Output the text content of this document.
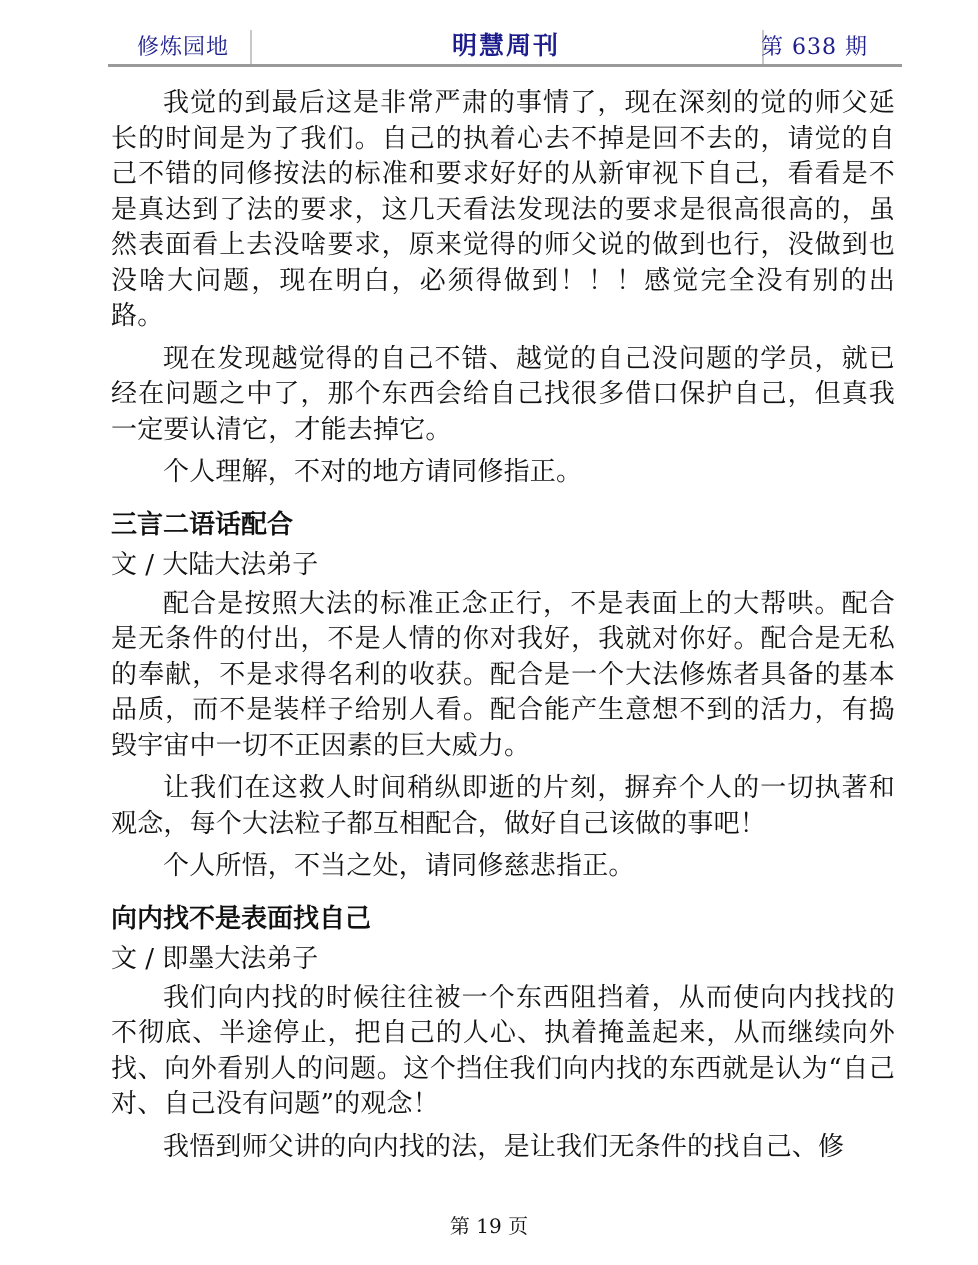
修炼园地	明慧周刊	第 638 期

我觉的到最后这是非常严肃的事情了，现在深刻的觉的师父延长的时间是为了我们。自己的执着心去不掉是回不去的，请觉的自己不错的同修按法的标准和要求好好的从新审视下自己，看看是不是真达到了法的要求，这几天看法发现法的要求是很高很高的，虽然表面看上去没啥要求，原来觉得的师父说的做到也行，没做到也没啥大问题，现在明白，必须得做到！！！感觉完全没有别的出路。

现在发现越觉得的自己不错、越觉的自己没问题的学员，就已经在问题之中了，那个东西会给自己找很多借口保护自己，但真我一定要认清它，才能去掉它。

个人理解，不对的地方请同修指正。

三言二语话配合
文 / 大陆大法弟子

配合是按照大法的标准正念正行，不是表面上的大帮哄。配合是无条件的付出，不是人情的你对我好，我就对你好。配合是无私的奉献，不是求得名利的收获。配合是一个大法修炼者具备的基本品质，而不是装样子给别人看。配合能产生意想不到的活力，有捣毁宇宙中一切不正因素的巨大威力。

让我们在这救人时间稍纵即逝的片刻，摒弃个人的一切执著和观念，每个大法粒子都互相配合，做好自己该做的事吧！

个人所悟，不当之处，请同修慈悲指正。

向内找不是表面找自己
文 / 即墨大法弟子

我们向内找的时候往往被一个东西阻挡着，从而使向内找找的不彻底、半途停止，把自己的人心、执着掩盖起来，从而继续向外找、向外看别人的问题。这个挡住我们向内找的东西就是认为“自己对、自己没有问题”的观念！

我悟到师父讲的向内找的法，是让我们无条件的找自己、修

第 19 页
